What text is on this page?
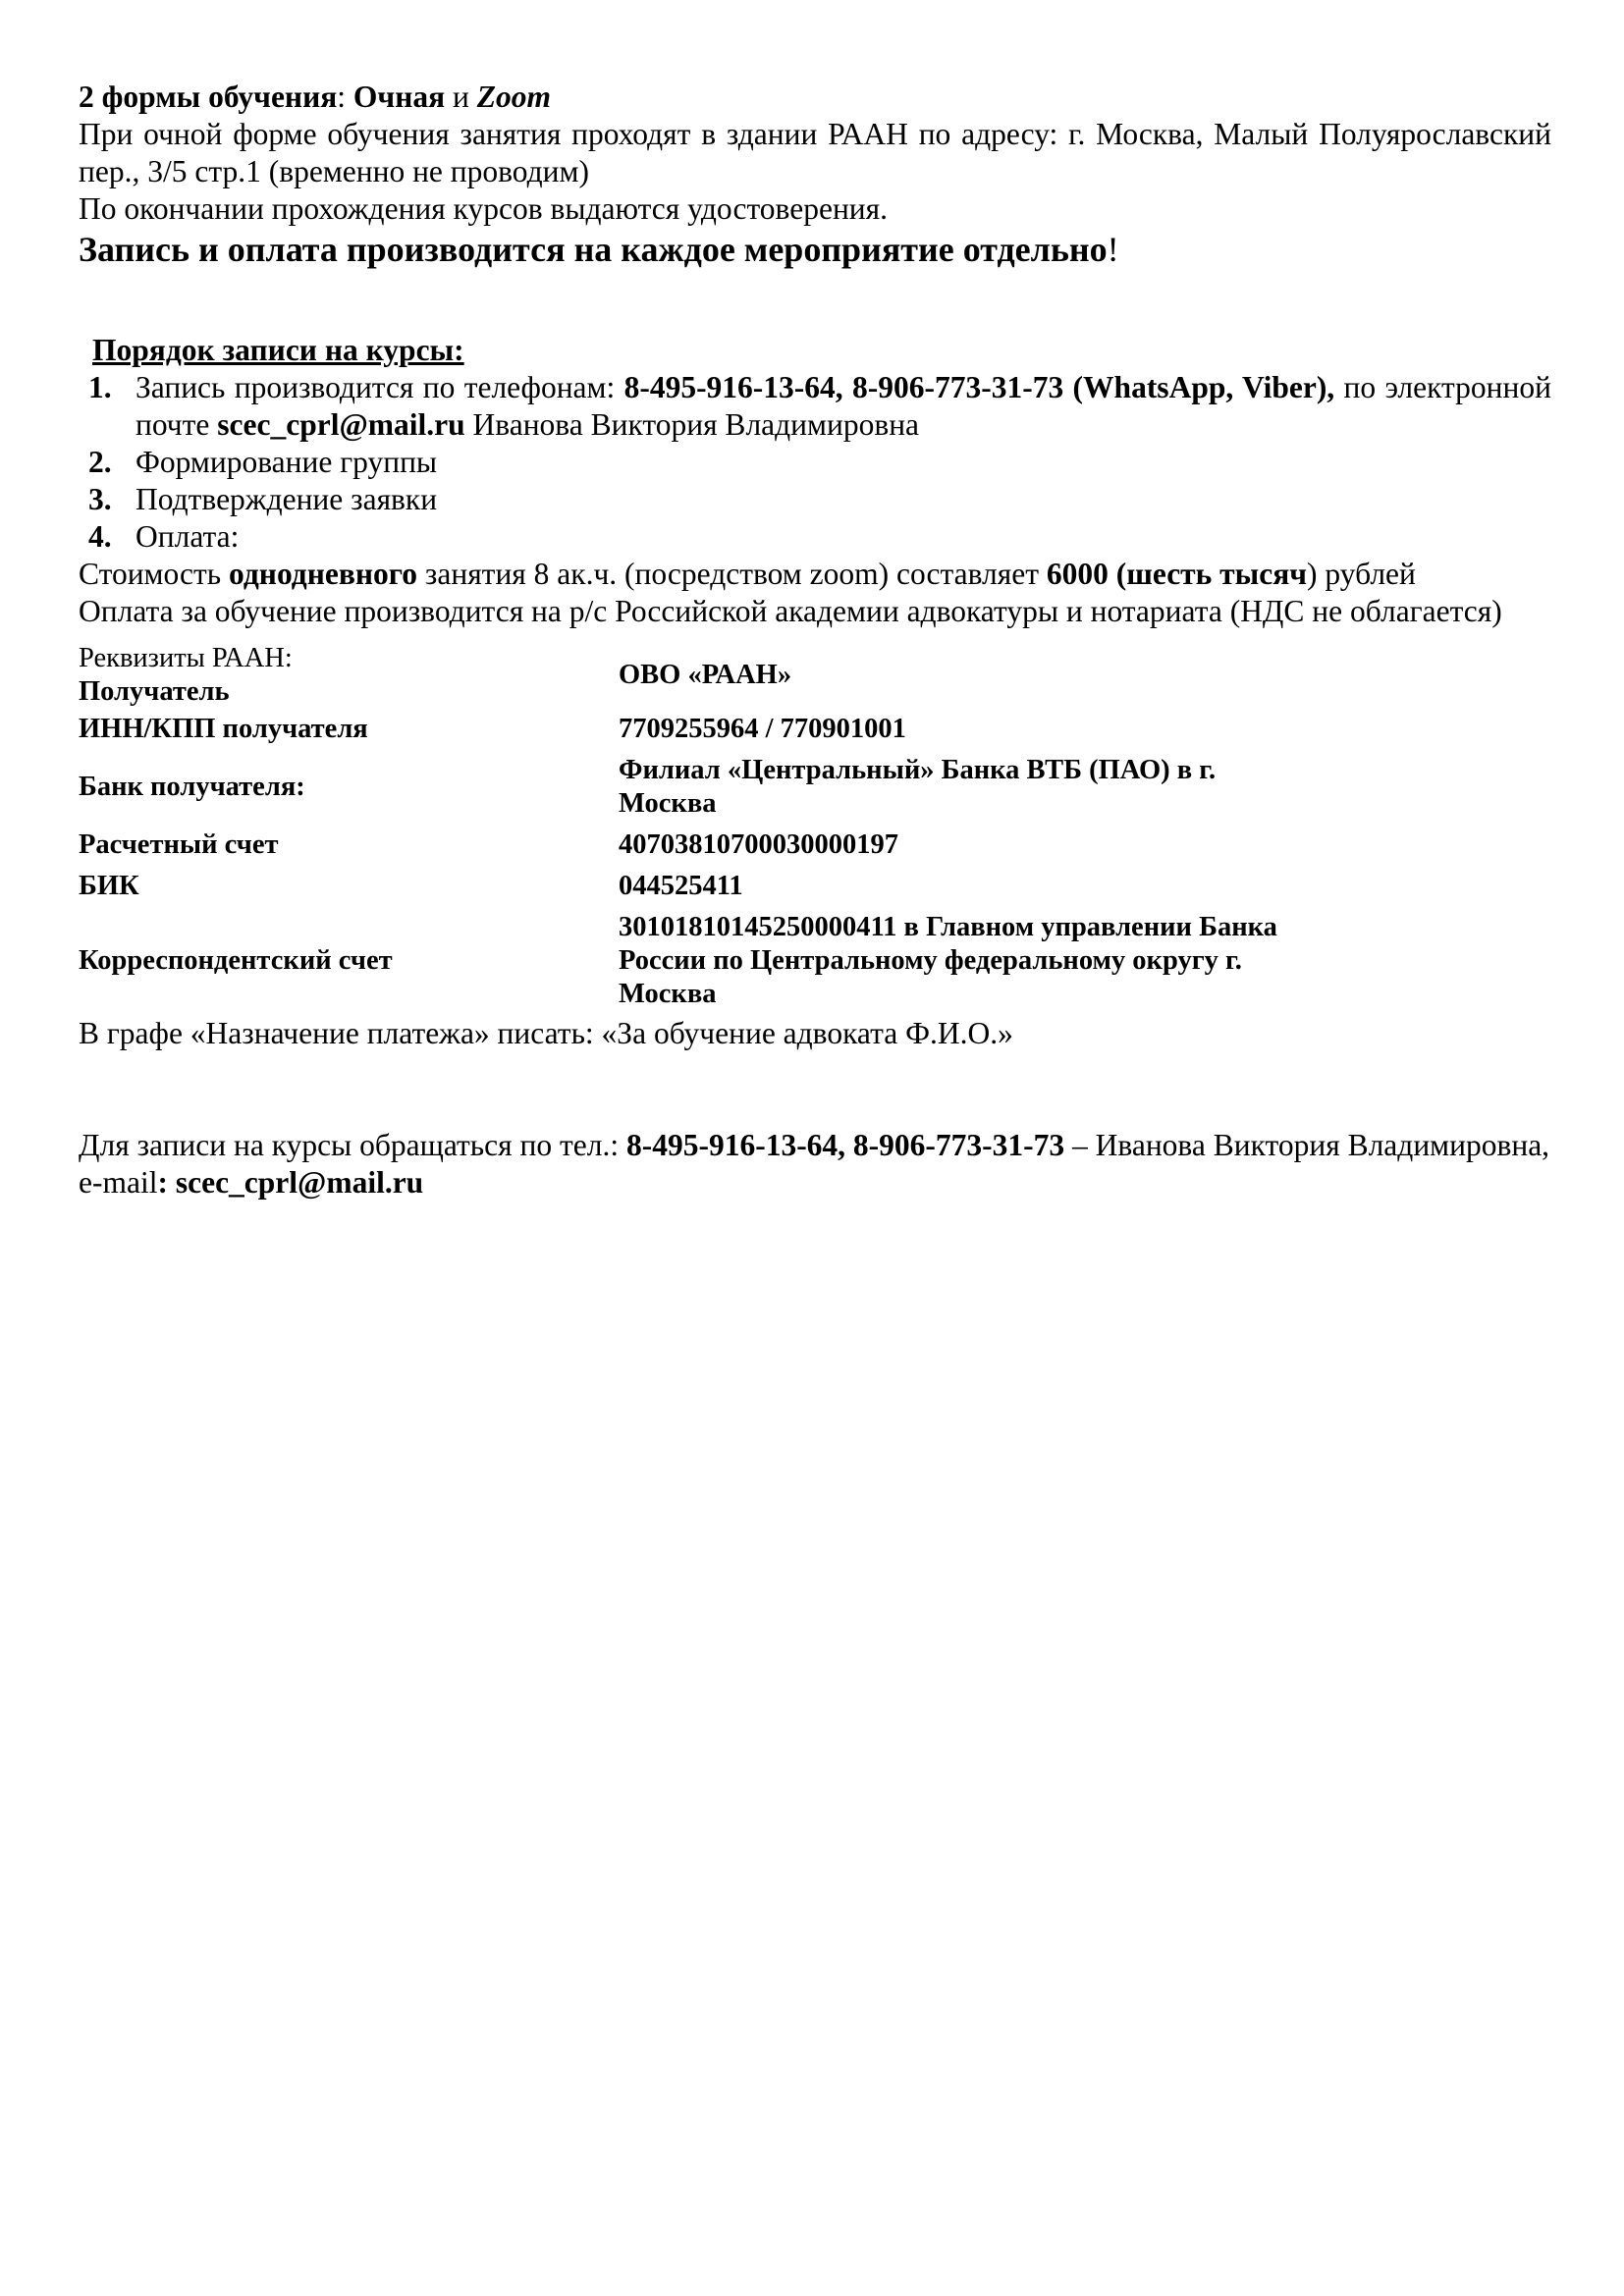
2 формы обучения: Очная и Zoom

При очной форме обучения занятия проходят в здании РААН по адресу: г. Москва, Малый Полуярославский пер., 3/5 стр.1 (временно не проводим)

По окончании прохождения курсов выдаются удостоверения.

Запись и оплата производится на каждое мероприятие отдельно!

Порядок записи на курсы:

1. Запись производится по телефонам: 8-495-916-13-64, 8-906-773-31-73 (WhatsApp, Viber), по электронной почте scec_cprl@mail.ru Иванова Виктория Владимировна
2. Формирование группы
3. Подтверждение заявки
4. Оплата:

Стоимость однодневного занятия 8 ак.ч. (посредством zoom) составляет 6000 (шесть тысяч) рублей

Оплата за обучение производится на р/с Российской академии адвокатуры и нотариата (НДС не облагается)

Реквизиты РААН:
Получатель	ОВО «РААН»
ИНН/КПП получателя	7709255964 / 770901001
Банк получателя:	Филиал «Центральный» Банка ВТБ (ПАО) в г. Москва
Расчетный счет	40703810700030000197
БИК	044525411
Корреспондентский счет	30101810145250000411 в Главном управлении Банка России по Центральному федеральному округу г. Москва

В графе «Назначение платежа» писать: «За обучение адвоката Ф.И.О.»

Для записи на курсы обращаться по тел.: 8-495-916-13-64, 8-906-773-31-73 – Иванова Виктория Владимировна, e-mail: scec_cprl@mail.ru
